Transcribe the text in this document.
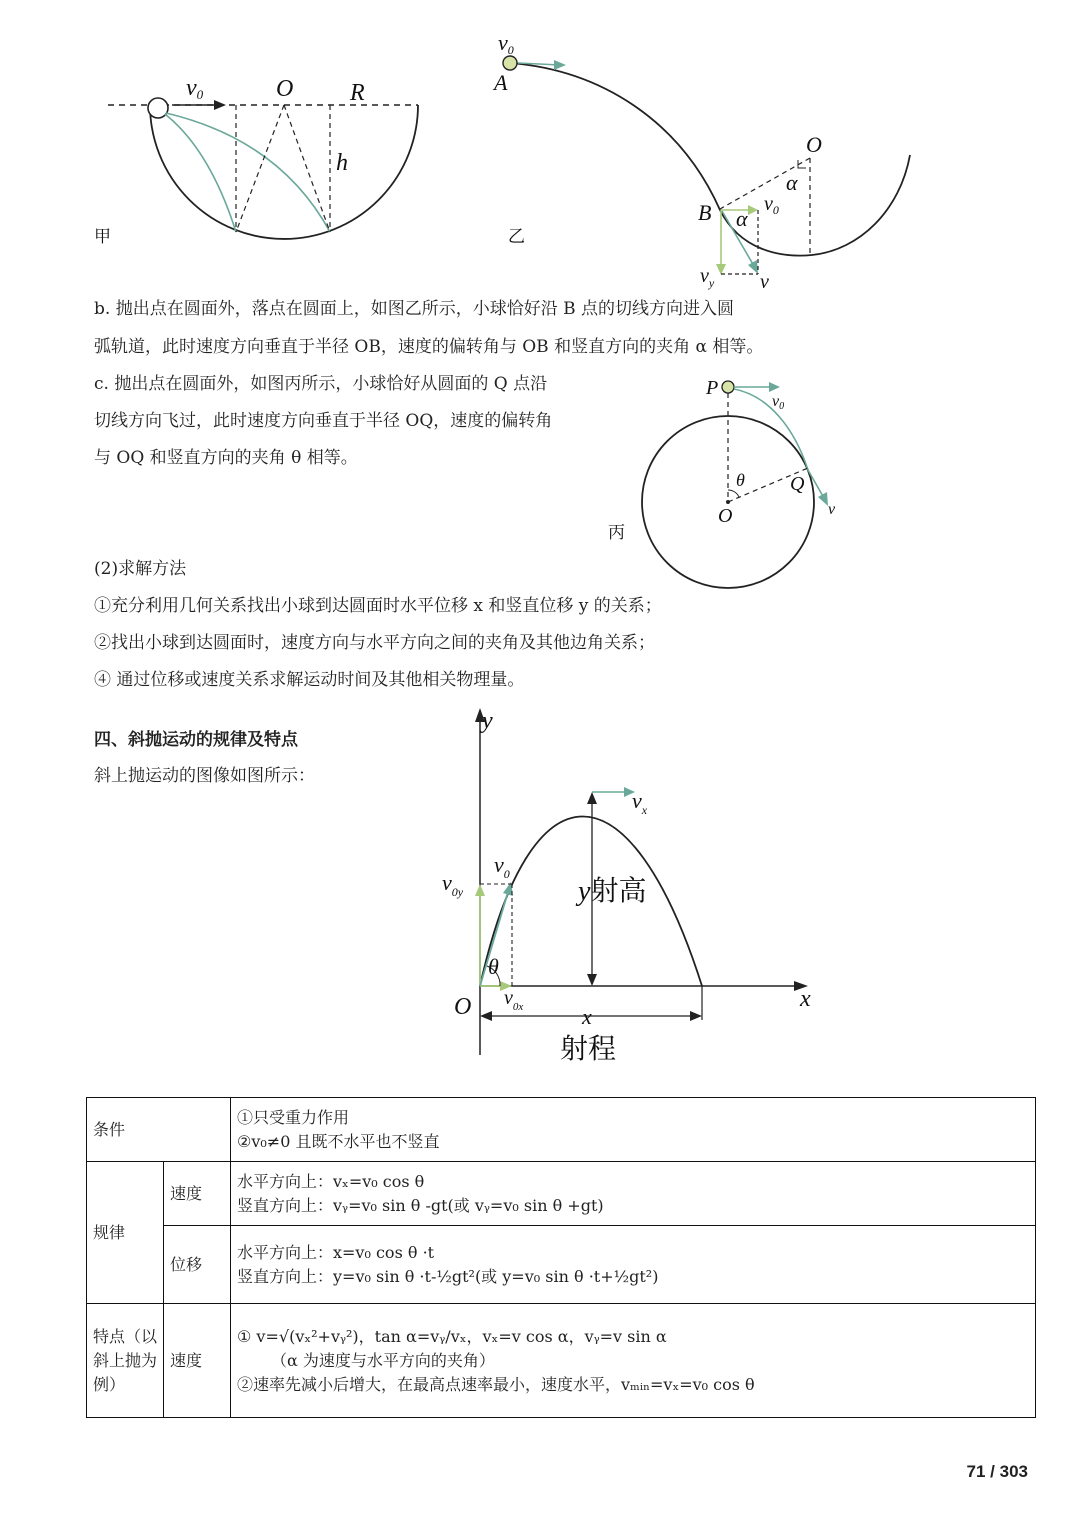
v0	O R
h
甲
v0
A
O
α
B α
$v_0$
$v_y$ v
乙
b. 抛出点在圆面外，落点在圆面上，如图乙所示，小球恰好沿 B 点的切线方向进入圆
弧轨道，此时速度方向垂直于半径 OB，速度的偏转角与 OB 和竖直方向的夹角 α 相等。
c. 抛出点在圆面外，如图丙所示，小球恰好从圆面的 Q 点沿
切线方向飞过，此时速度方向垂直于半径 OQ，速度的偏转角
与 OQ 和竖直方向的夹角 θ 相等。
P
v0
θ Q
O	v
丙
(2)求解方法
①充分利用几何关系找出小球到达圆面时水平位移 x 和竖直位移 y 的关系；
②找出小球到达圆面时，速度方向与水平方向之间的夹角及其他边角关系；
④ 通过位移或速度关系求解运动时间及其他相关物理量。
四、斜抛运动的规律及特点
斜上抛运动的图像如图所示：
y
x
O
$v_x$
$v_0$
$v_{0y}$
$v_{0x}$
θ
y射高
x
射程
条件		①只受重力作用
②v₀≠0 且既不水平也不竖直

规律	速度	水平方向上：vₓ=v₀ cos θ
竖直方向上：vᵧ=v₀ sin θ -gt(或 vᵧ=v₀ sin θ +gt)

	位移	水平方向上：x=v₀ cos θ ·t
竖直方向上：y=v₀ sin θ ·t-½gt²(或 y=v₀ sin θ ·t+½gt²)

特点（以斜上抛为例）	速度	① v=√(vₓ²+vᵧ²)，tan α=vᵧ/vₓ，vₓ=v cos α，vᵧ=v sin α
（α 为速度与水平方向的夹角）
②速率先减小后增大，在最高点速率最小，速度水平，vₘᵢₙ=vₓ=v₀ cos θ
71 / 303
